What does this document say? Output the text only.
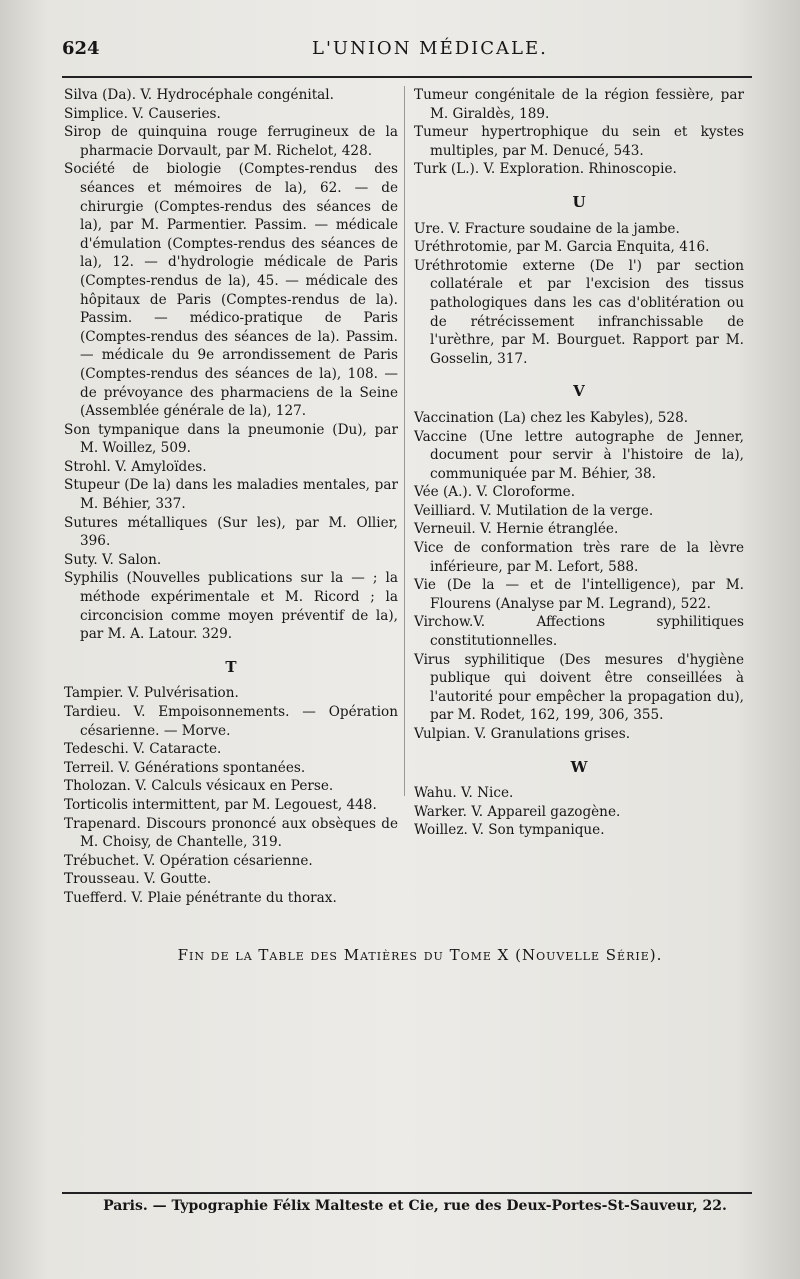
624	L'UNION MÉDICALE.

Silva (Da). V. Hydrocéphale congénital.

Simplice. V. Causeries.

Sirop de quinquina rouge ferrugineux de la pharmacie Dorvault, par M. Richelot, 428.

Société de biologie (Comptes-rendus des séances et mémoires de la), 62. — de chirurgie (Comptes-rendus des séances de la), par M. Parmentier. Passim. — médicale d'émulation (Comptes-rendus des séances de la), 12. — d'hydrologie médicale de Paris (Comptes-rendus de la), 45. — médicale des hôpitaux de Paris (Comptes-rendus de la). Passim. — médico-pratique de Paris (Comptes-rendus des séances de la). Passim. — médicale du 9e arrondissement de Paris (Comptes-rendus des séances de la), 108. — de prévoyance des pharmaciens de la Seine (Assemblée générale de la), 127.

Son tympanique dans la pneumonie (Du), par M. Woillez, 509.

Strohl. V. Amyloïdes.

Stupeur (De la) dans les maladies mentales, par M. Béhier, 337.

Sutures métalliques (Sur les), par M. Ollier, 396.

Suty. V. Salon.

Syphilis (Nouvelles publications sur la — ; la méthode expérimentale et M. Ricord ; la circoncision comme moyen préventif de la), par M. A. Latour. 329.

T

Tampier. V. Pulvérisation.

Tardieu. V. Empoisonnements. — Opération césarienne. — Morve.

Tedeschi. V. Cataracte.

Terreil. V. Générations spontanées.

Tholozan. V. Calculs vésicaux en Perse.

Torticolis intermittent, par M. Legouest, 448.

Trapenard. Discours prononcé aux obsèques de M. Choisy, de Chantelle, 319.

Trébuchet. V. Opération césarienne.

Trousseau. V. Goutte.

Tuefferd. V. Plaie pénétrante du thorax.

Tumeur congénitale de la région fessière, par M. Giraldès, 189.

Tumeur hypertrophique du sein et kystes multiples, par M. Denucé, 543.

Turk (L.). V. Exploration. Rhinoscopie.

U

Ure. V. Fracture soudaine de la jambe.

Uréthrotomie, par M. Garcia Enquita, 416.

Uréthrotomie externe (De l') par section collatérale et par l'excision des tissus pathologiques dans les cas d'oblitération ou de rétrécissement infranchissable de l'urèthre, par M. Bourguet. Rapport par M. Gosselin, 317.

V

Vaccination (La) chez les Kabyles), 528.

Vaccine (Une lettre autographe de Jenner, document pour servir à l'histoire de la), communiquée par M. Béhier, 38.

Vée (A.). V. Cloroforme.

Veilliard. V. Mutilation de la verge.

Verneuil. V. Hernie étranglée.

Vice de conformation très rare de la lèvre inférieure, par M. Lefort, 588.

Vie (De la — et de l'intelligence), par M. Flourens (Analyse par M. Legrand), 522.

Virchow.V. Affections syphilitiques constitutionnelles.

Virus syphilitique (Des mesures d'hygiène publique qui doivent être conseillées à l'autorité pour empêcher la propagation du), par M. Rodet, 162, 199, 306, 355.

Vulpian. V. Granulations grises.

W

Wahu. V. Nice.

Warker. V. Appareil gazogène.

Woillez. V. Son tympanique.

Fin de la Table des Matières du Tome X (Nouvelle Série).
Paris. — Typographie Félix Malteste et Cie, rue des Deux-Portes-St-Sauveur, 22.
